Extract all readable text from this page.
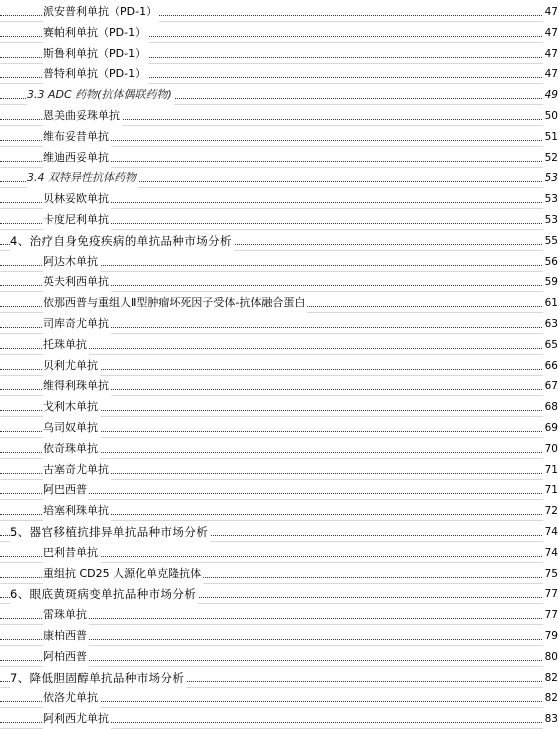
派安普利单抗（PD-1）	47
赛帕利单抗（PD-1）	47
斯鲁利单抗（PD-1）	47
普特利单抗（PD-1）	47
3.3 ADC 药物(抗体偶联药物)	49
恩美曲妥珠单抗	50
维布妥昔单抗	51
维迪西妥单抗	52
3.4 双特异性抗体药物	53
贝林妥欧单抗	53
卡度尼利单抗	53
4、治疗自身免疫疾病的单抗品种市场分析	55
阿达木单抗	56
英夫利西单抗	59
依那西普与重组人Ⅱ型肿瘤坏死因子受体-抗体融合蛋白	61
司库奇尤单抗	63
托珠单抗	65
贝利尤单抗	66
维得利珠单抗	67
戈利木单抗	68
乌司奴单抗	69
依奇珠单抗	70
古塞奇尤单抗	71
阿巴西普	71
培塞利珠单抗	72
5、器官移植抗排异单抗品种市场分析	74
巴利昔单抗	74
重组抗 CD25 人源化单克隆抗体	75
6、眼底黄斑病变单抗品种市场分析	77
雷珠单抗	77
康柏西普	79
阿柏西普	80
7、降低胆固醇单抗品种市场分析	82
依洛尤单抗	82
阿利西尤单抗	83
